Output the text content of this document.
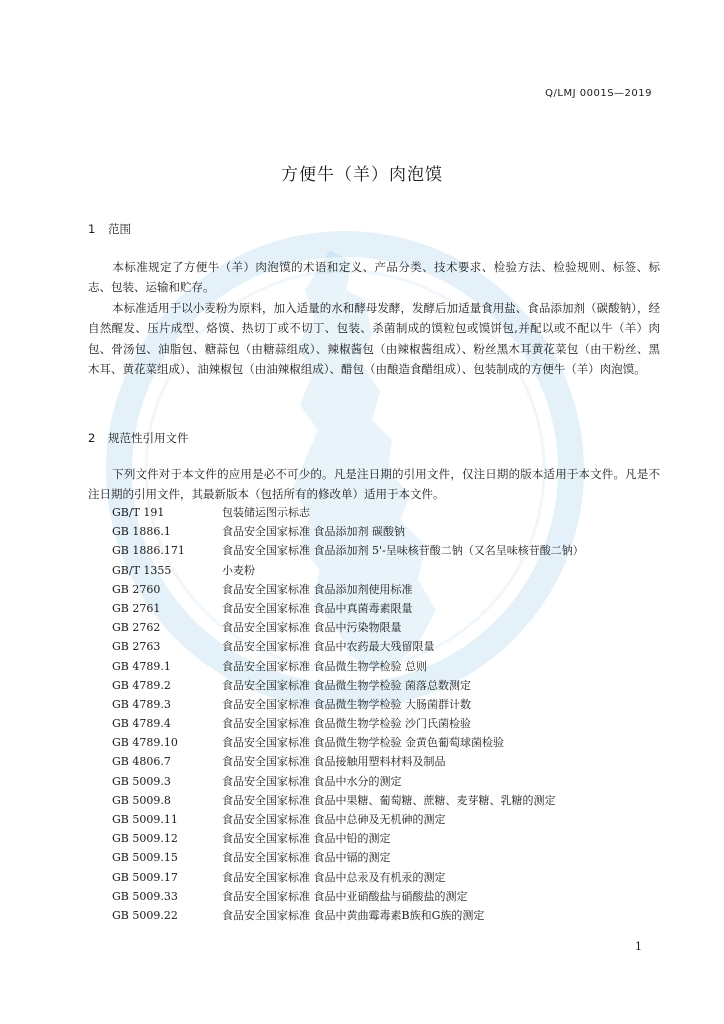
Q/LMJ 0001S—2019
方便牛（羊）肉泡馍
1 范围
本标准规定了方便牛（羊）肉泡馍的术语和定义、产品分类、技术要求、检验方法、检验规则、标签、标志、包装、运输和贮存。
本标准适用于以小麦粉为原料，加入适量的水和酵母发酵，发酵后加适量食用盐、食品添加剂（碳酸钠），经自然醒发、压片成型、烙馍、热切丁或不切丁、包装、杀菌制成的馍粒包或馍饼包,并配以或不配以牛（羊）肉包、骨汤包、油脂包、糖蒜包（由糖蒜组成）、辣椒酱包（由辣椒酱组成）、粉丝黑木耳黄花菜包（由干粉丝、黑木耳、黄花菜组成）、油辣椒包（由油辣椒组成）、醋包（由酿造食醋组成）、包装制成的方便牛（羊）肉泡馍。
2 规范性引用文件
下列文件对于本文件的应用是必不可少的。凡是注日期的引用文件，仅注日期的版本适用于本文件。凡是不注日期的引用文件，其最新版本（包括所有的修改单）适用于本文件。
GB/T 191	包装储运图示标志
GB 1886.1	食品安全国家标准 食品添加剂 碳酸钠
GB 1886.171	食品安全国家标准 食品添加剂 5'-呈味核苷酸二钠（又名呈味核苷酸二钠）
GB/T 1355	小麦粉
GB 2760	食品安全国家标准 食品添加剂使用标准
GB 2761	食品安全国家标准 食品中真菌毒素限量
GB 2762	食品安全国家标准 食品中污染物限量
GB 2763	食品安全国家标准 食品中农药最大残留限量
GB 4789.1	食品安全国家标准 食品微生物学检验 总则
GB 4789.2	食品安全国家标准 食品微生物学检验 菌落总数测定
GB 4789.3	食品安全国家标准 食品微生物学检验 大肠菌群计数
GB 4789.4	食品安全国家标准 食品微生物学检验 沙门氏菌检验
GB 4789.10	食品安全国家标准 食品微生物学检验 金黄色葡萄球菌检验
GB 4806.7	食品安全国家标准 食品接触用塑料材料及制品
GB 5009.3	食品安全国家标准 食品中水分的测定
GB 5009.8	食品安全国家标准 食品中果糖、葡萄糖、蔗糖、麦芽糖、乳糖的测定
GB 5009.11	食品安全国家标准 食品中总砷及无机砷的测定
GB 5009.12	食品安全国家标准 食品中铅的测定
GB 5009.15	食品安全国家标准 食品中镉的测定
GB 5009.17	食品安全国家标准 食品中总汞及有机汞的测定
GB 5009.33	食品安全国家标准 食品中亚硝酸盐与硝酸盐的测定
GB 5009.22	食品安全国家标准 食品中黄曲霉毒素B族和G族的测定
1
